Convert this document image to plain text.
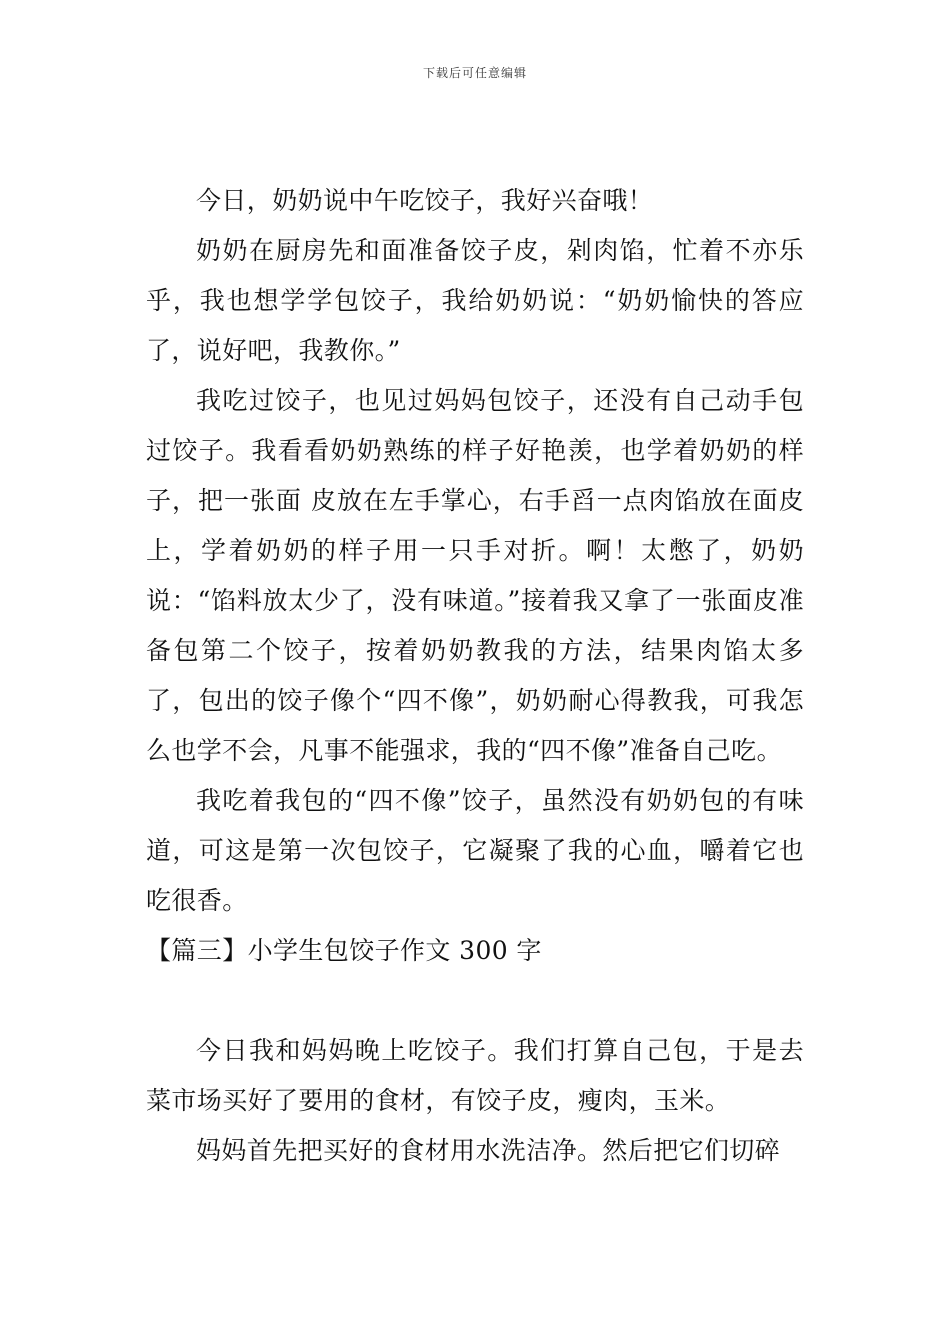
下载后可任意编辑

今日，奶奶说中午吃饺子，我好兴奋哦！

奶奶在厨房先和面准备饺子皮，剁肉馅，忙着不亦乐乎，我也想学学包饺子，我给奶奶说：“奶奶愉快的答应了，说好吧，我教你。”

我吃过饺子，也见过妈妈包饺子，还没有自己动手包过饺子。我看看奶奶熟练的样子好艳羡，也学着奶奶的样子，把一张面 皮放在左手掌心，右手舀一点肉馅放在面皮上，学着奶奶的样子用一只手对折。啊！太憋了，奶奶说：“馅料放太少了，没有味道。”接着我又拿了一张面皮准备包第二个饺子，按着奶奶教我的方法，结果肉馅太多了，包出的饺子像个“四不像”，奶奶耐心得教我，可我怎么也学不会，凡事不能强求，我的“四不像”准备自己吃。

我吃着我包的“四不像”饺子，虽然没有奶奶包的有味道，可这是第一次包饺子，它凝聚了我的心血，嚼着它也吃很香。

【篇三】小学生包饺子作文 300 字

今日我和妈妈晚上吃饺子。我们打算自己包，于是去菜市场买好了要用的食材，有饺子皮，瘦肉，玉米。

妈妈首先把买好的食材用水洗洁净。然后把它们切碎
